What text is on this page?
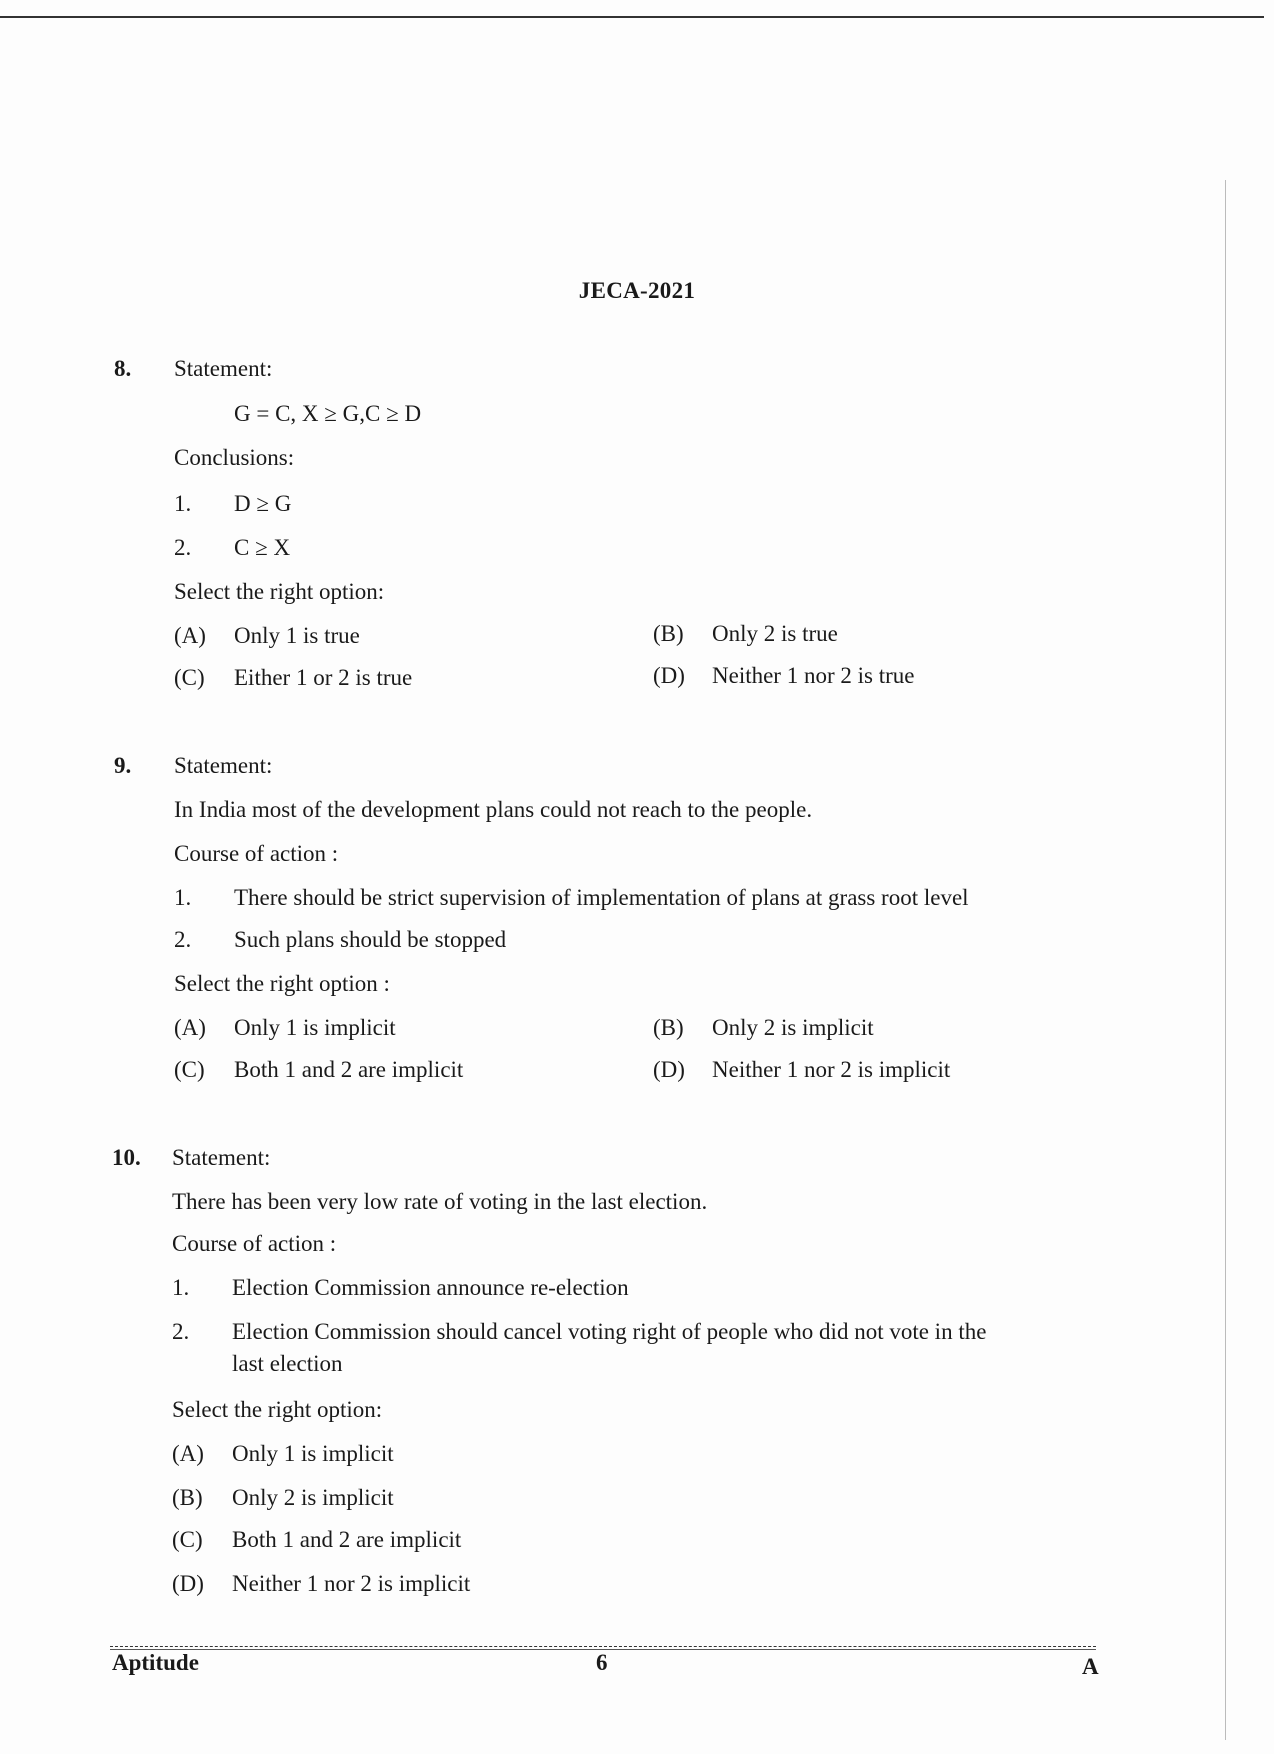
JECA-2021
8. Statement:
G = C, X ≥ G,C ≥ D
Conclusions:
1. D ≥ G
2. C ≥ X
Select the right option:
(A) Only 1 is true	(B) Only 2 is true
(C) Either 1 or 2 is true	(D) Neither 1 nor 2 is true
9. Statement:
In India most of the development plans could not reach to the people.
Course of action :
1. There should be strict supervision of implementation of plans at grass root level
2. Such plans should be stopped
Select the right option :
(A) Only 1 is implicit	(B) Only 2 is implicit
(C) Both 1 and 2 are implicit	(D) Neither 1 nor 2 is implicit
10. Statement:
There has been very low rate of voting in the last election.
Course of action :
1. Election Commission announce re-election
2. Election Commission should cancel voting right of people who did not vote in the
last election
Select the right option:
(A) Only 1 is implicit
(B) Only 2 is implicit
(C) Both 1 and 2 are implicit
(D) Neither 1 nor 2 is implicit
Aptitude	6	A
